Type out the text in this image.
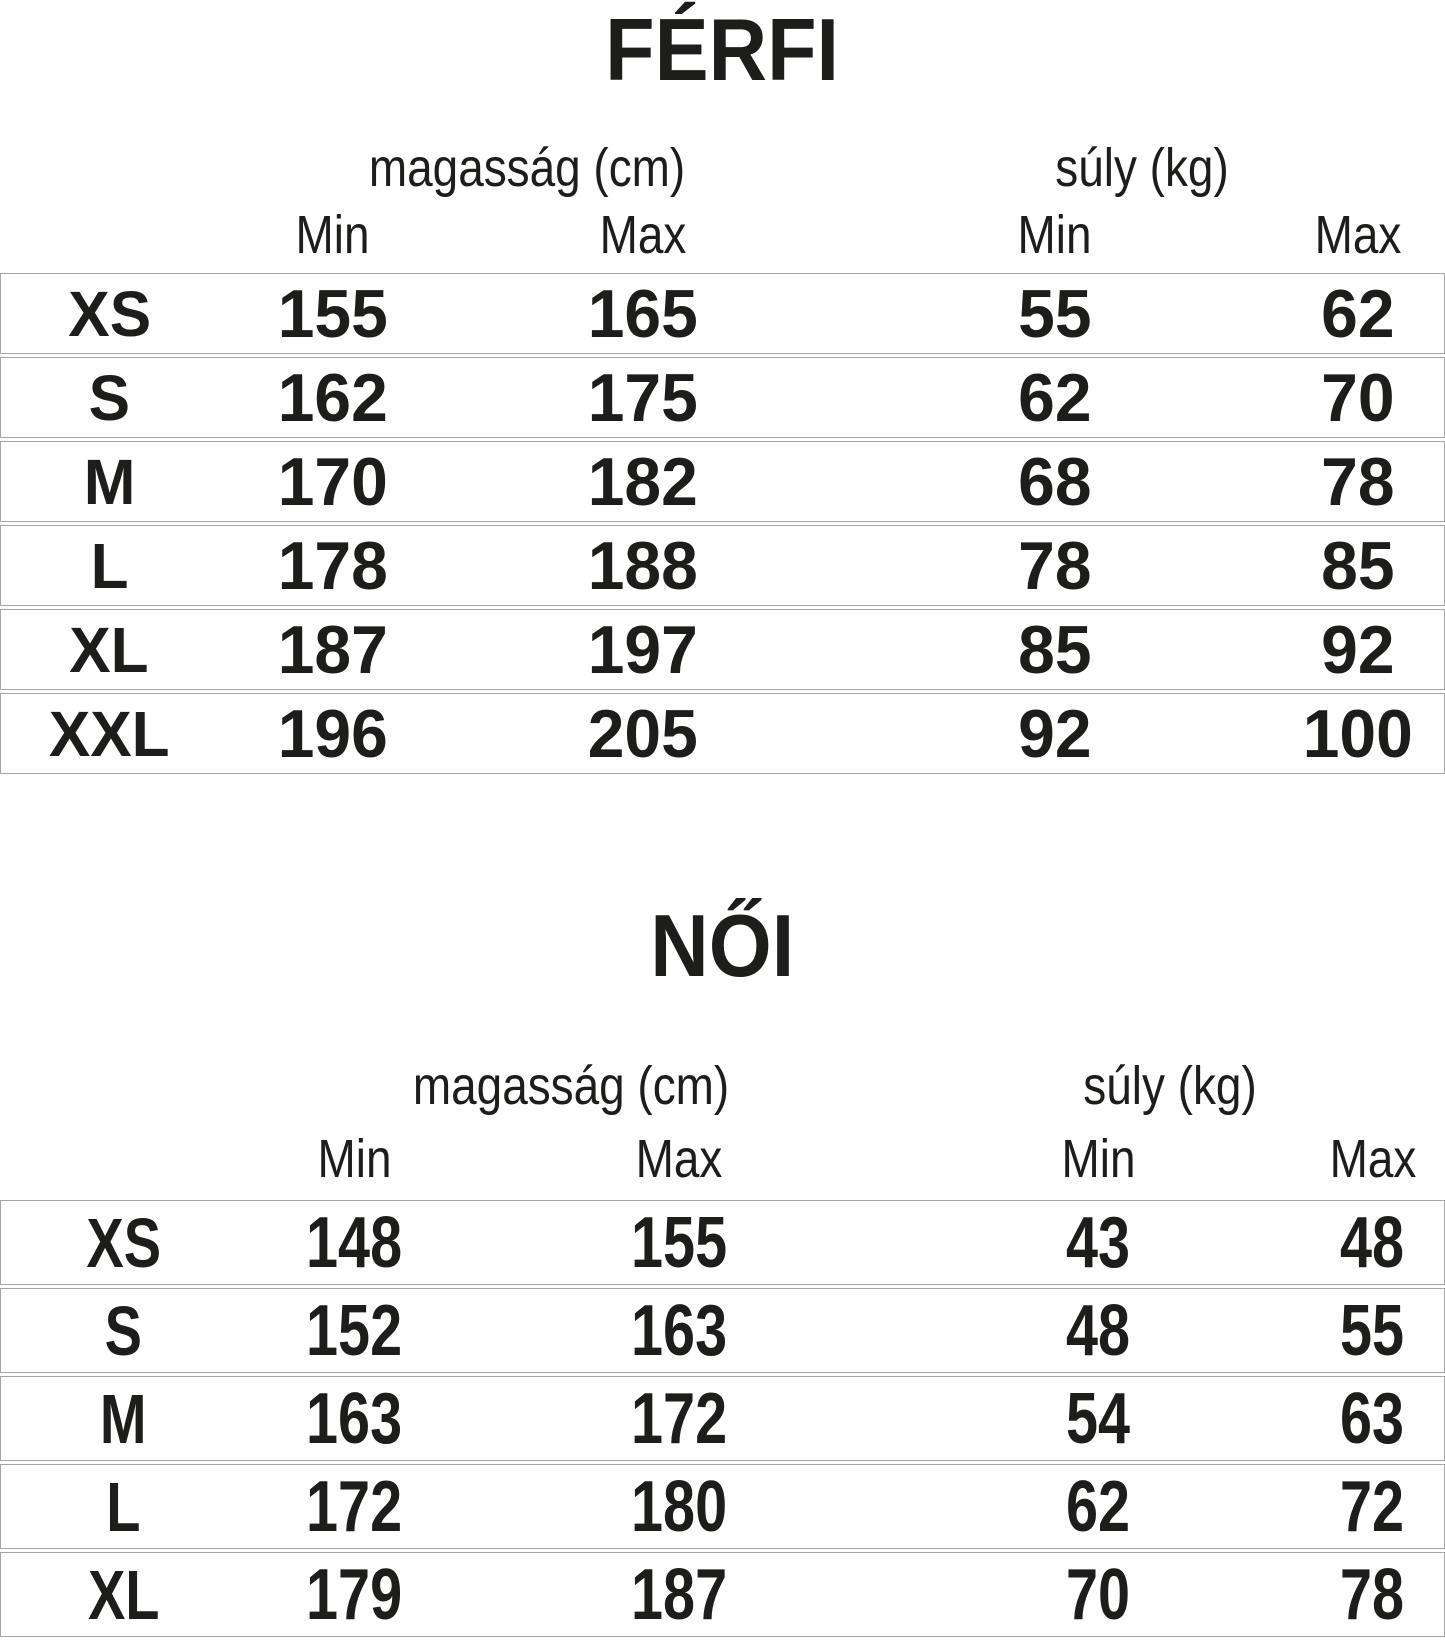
FÉRFI
magasság (cm)	súly (kg)
Min	Max	Min	Max
XS	155	165	55	62
S	162	175	62	70
M	170	182	68	78
L	178	188	78	85
XL	187	197	85	92
XXL	196	205	92	100
NŐI
magasság (cm)	súly (kg)
Min	Max	Min	Max
XS	148	155	43	48
S	152	163	48	55
M	163	172	54	63
L	172	180	62	72
XL	179	187	70	78
